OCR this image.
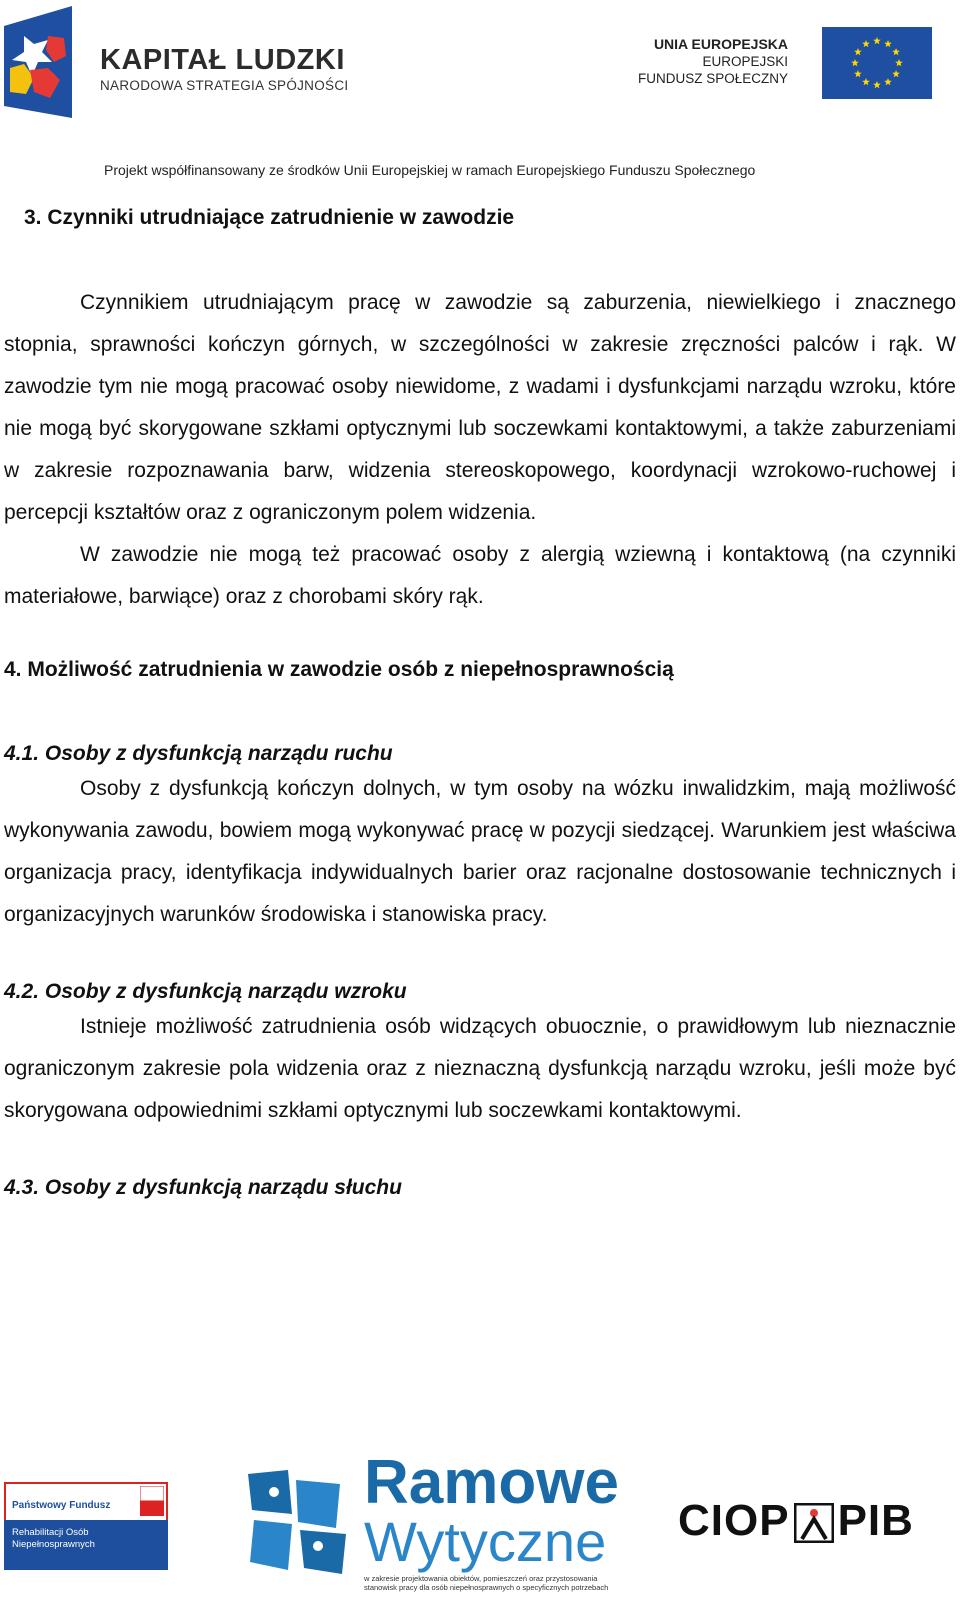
KAPITAŁ LUDZKI
NARODOWA STRATEGIA SPÓJNOŚCI
UNIA EUROPEJSKA
EUROPEJSKI
FUNDUSZ SPOŁECZNY
Projekt współfinansowany ze środków Unii Europejskiej w ramach Europejskiego Funduszu Społecznego

3. Czynniki utrudniające zatrudnienie w zawodzie

Czynnikiem utrudniającym pracę w zawodzie są zaburzenia, niewielkiego i znacznego stopnia, sprawności kończyn górnych, w szczególności w zakresie zręczności palców i rąk. W zawodzie tym nie mogą pracować osoby niewidome, z wadami i dysfunkcjami narządu wzroku, które nie mogą być skorygowane szkłami optycznymi lub soczewkami kontaktowymi, a także zaburzeniami w zakresie rozpoznawania barw, widzenia stereoskopowego, koordynacji wzrokowo-ruchowej i percepcji kształtów oraz z ograniczonym polem widzenia.

W zawodzie nie mogą też pracować osoby z alergią wziewną i kontaktową (na czynniki materiałowe, barwiące) oraz z chorobami skóry rąk.

4. Możliwość zatrudnienia w zawodzie osób z niepełnosprawnością

4.1. Osoby z dysfunkcją narządu ruchu

Osoby z dysfunkcją kończyn dolnych, w tym osoby na wózku inwalidzkim, mają możliwość wykonywania zawodu, bowiem mogą wykonywać pracę w pozycji siedzącej. Warunkiem jest właściwa organizacja pracy, identyfikacja indywidualnych barier oraz racjonalne dostosowanie technicznych i organizacyjnych warunków środowiska i stanowiska pracy.

4.2. Osoby z dysfunkcją narządu wzroku

Istnieje możliwość zatrudnienia osób widzących obuocznie, o prawidłowym lub nieznacznie ograniczonym zakresie pola widzenia oraz z nieznaczną dysfunkcją narządu wzroku, jeśli może być skorygowana odpowiednimi szkłami optycznymi lub soczewkami kontaktowymi.

4.3. Osoby z dysfunkcją narządu słuchu

Państwowy Fundusz
Rehabilitacji Osób
Niepełnosprawnych
Ramowe
Wytyczne
w zakresie projektowania obiektów, pomieszczeń oraz przystosowania stanowisk pracy dla osób niepełnosprawnych o specyficznych potrzebach
CIOP PIB
